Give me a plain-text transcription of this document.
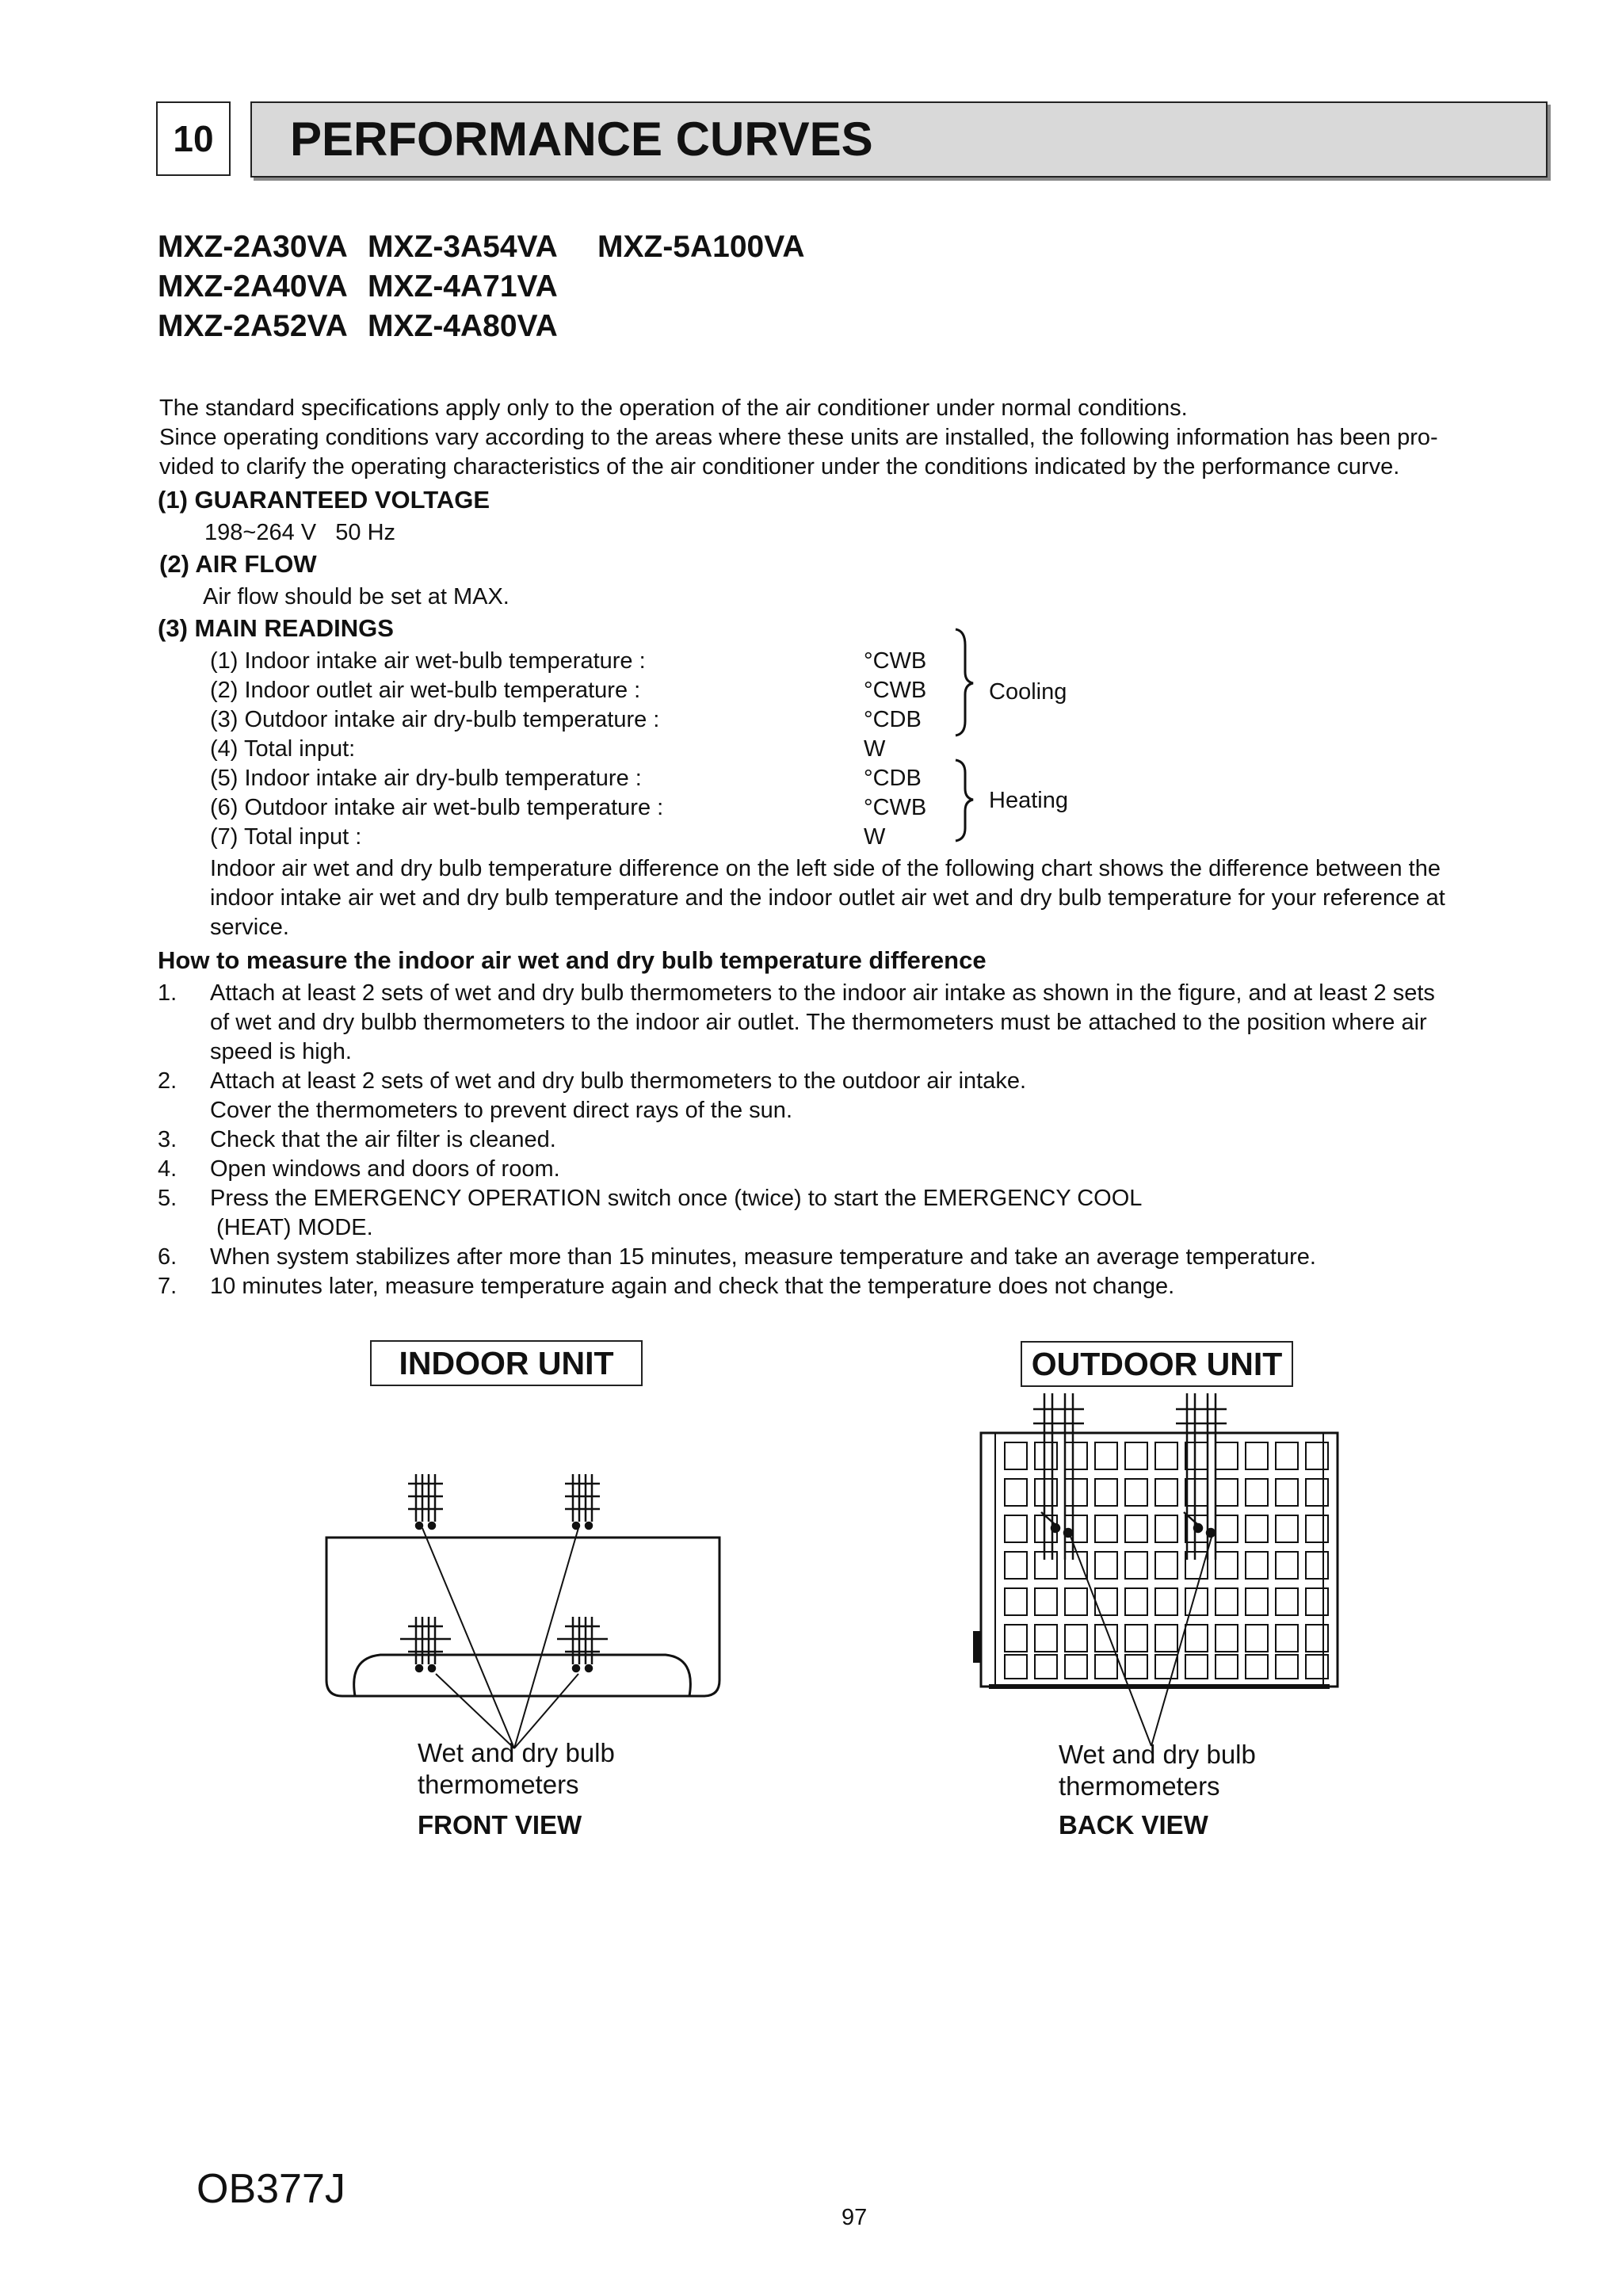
10	PERFORMANCE CURVES
MXZ-2A30VA MXZ-3A54VA MXZ-5A100VA
MXZ-2A40VA MXZ-4A71VA
MXZ-2A52VA MXZ-4A80VA
The standard specifications apply only to the operation of the air conditioner under normal conditions.
Since operating conditions vary according to the areas where these units are installed, the following information has been pro-
vided to clarify the operating characteristics of the air conditioner under the conditions indicated by the performance curve.
(1) GUARANTEED VOLTAGE
198~264 V   50 Hz
(2) AIR FLOW
Air flow should be set at MAX.
(3) MAIN READINGS
(1) Indoor intake air wet-bulb temperature :	°CWB
(2) Indoor outlet air wet-bulb temperature :	°CWB
(3) Outdoor intake air dry-bulb temperature :	°CDB
(4) Total input:	W
(5) Indoor intake air dry-bulb temperature :	°CDB
(6) Outdoor intake air wet-bulb temperature :	°CWB
(7) Total input :	W
Cooling
Heating
Indoor air wet and dry bulb temperature difference on the left side of the following chart shows the difference between the
indoor intake air wet and dry bulb temperature and the indoor outlet air wet and dry bulb temperature for your reference at
service.
How to measure the indoor air wet and dry bulb temperature difference
1.	Attach at least 2 sets of wet and dry bulb thermometers to the indoor air intake as shown in the figure, and at least 2 sets
of wet and dry bulbb thermometers to the indoor air outlet. The thermometers must be attached to the position where air
speed is high.
2.	Attach at least 2 sets of wet and dry bulb thermometers to the outdoor air intake.
Cover the thermometers to prevent direct rays of the sun.
3.	Check that the air filter is cleaned.
4.	Open windows and doors of room.
5.	Press the EMERGENCY OPERATION switch once (twice) to start the EMERGENCY COOL
(HEAT) MODE.
6.	When system stabilizes after more than 15 minutes, measure temperature and take an average temperature.
7.	10 minutes later, measure temperature again and check that the temperature does not change.
INDOOR UNIT	OUTDOOR UNIT
Wet and dry bulb
thermometers
FRONT VIEW
Wet and dry bulb
thermometers
BACK VIEW
OB377J
97
